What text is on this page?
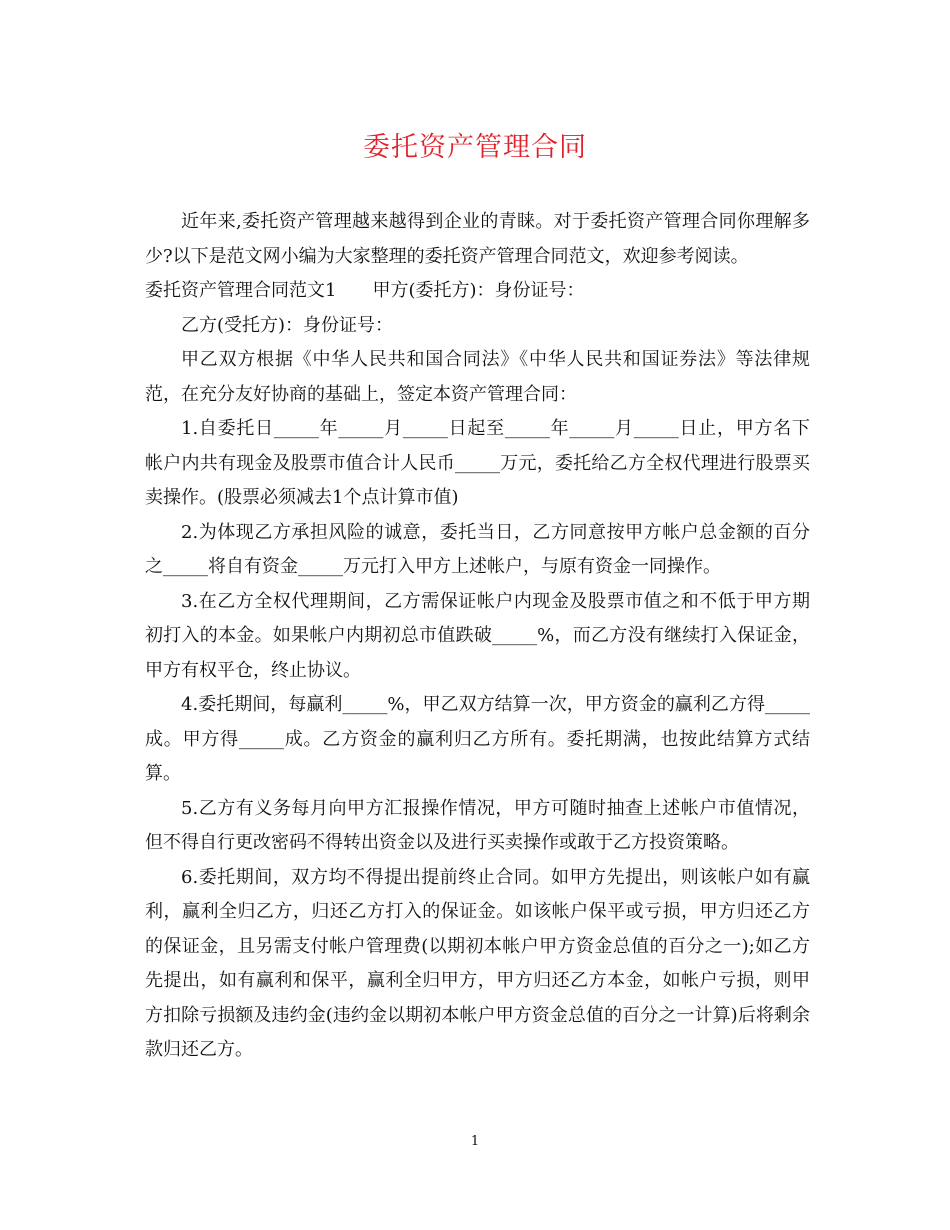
委托资产管理合同

近年来,委托资产管理越来越得到企业的青睐。对于委托资产管理合同你理解多少?以下是范文网小编为大家整理的委托资产管理合同范文，欢迎参考阅读。

委托资产管理合同范文1　　甲方(委托方)：身份证号：

乙方(受托方)：身份证号：

甲乙双方根据《中华人民共和国合同法》《中华人民共和国证券法》等法律规范，在充分友好协商的基础上，签定本资产管理合同：

1.自委托日_____年_____月_____日起至_____年_____月_____日止，甲方名下帐户内共有现金及股票市值合计人民币_____万元，委托给乙方全权代理进行股票买卖操作。(股票必须减去1个点计算市值)

2.为体现乙方承担风险的诚意，委托当日，乙方同意按甲方帐户总金额的百分之_____将自有资金_____万元打入甲方上述帐户，与原有资金一同操作。

3.在乙方全权代理期间，乙方需保证帐户内现金及股票市值之和不低于甲方期初打入的本金。如果帐户内期初总市值跌破_____%，而乙方没有继续打入保证金，甲方有权平仓，终止协议。

4.委托期间，每赢利_____%，甲乙双方结算一次，甲方资金的赢利乙方得_____成。甲方得_____成。乙方资金的赢利归乙方所有。委托期满，也按此结算方式结算。

5.乙方有义务每月向甲方汇报操作情况，甲方可随时抽查上述帐户市值情况，但不得自行更改密码不得转出资金以及进行买卖操作或敢于乙方投资策略。

6.委托期间，双方均不得提出提前终止合同。如甲方先提出，则该帐户如有赢利，赢利全归乙方，归还乙方打入的保证金。如该帐户保平或亏损，甲方归还乙方的保证金，且另需支付帐户管理费(以期初本帐户甲方资金总值的百分之一);如乙方先提出，如有赢利和保平，赢利全归甲方，甲方归还乙方本金，如帐户亏损，则甲方扣除亏损额及违约金(违约金以期初本帐户甲方资金总值的百分之一计算)后将剩余款归还乙方。

1
